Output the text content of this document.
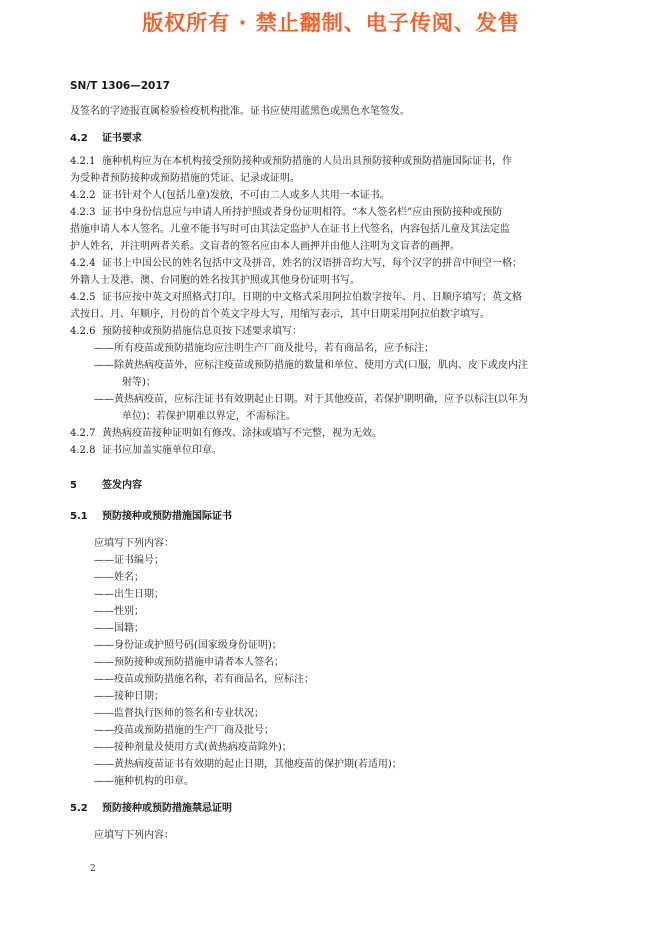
版权所有 · 禁止翻制、电子传阅、发售
SN/T 1306—2017

及签名的字迹报直属检验检疫机构批准。证书应使用蓝黑色或黑色水笔签发。

4.2 证书要求

4.2.1 施种机构应为在本机构接受预防接种或预防措施的人员出具预防接种或预防措施国际证书，作

为受种者预防接种或预防措施的凭证、记录或证明。

4.2.2 证书针对个人(包括儿童)发放，不可由二人或多人共用一本证书。

4.2.3 证书中身份信息应与申请人所持护照或者身份证明相符。“本人签名栏”应由预防接种或预防

措施申请人本人签名。儿童不能书写时可由其法定监护人在证书上代签名，内容包括儿童及其法定监

护人姓名，并注明两者关系。文盲者的签名应由本人画押并由他人注明为文盲者的画押。

4.2.4 证书上中国公民的姓名包括中文及拼音，姓名的汉语拼音均大写，每个汉字的拼音中间空一格；

外籍人士及港、澳、台同胞的姓名按其护照或其他身份证明书写。

4.2.5 证书应按中英文对照格式打印。日期的中文格式采用阿拉伯数字按年、月、日顺序填写；英文格

式按日、月、年顺序，月份的首个英文字母大写，用缩写表示，其中日期采用阿拉伯数字填写。

4.2.6 预防接种或预防措施信息页按下述要求填写：

——所有疫苗或预防措施均应注明生产厂商及批号，若有商品名，应予标注；

——除黄热病疫苗外，应标注疫苗或预防措施的数量和单位、使用方式(口服，肌肉、皮下或皮内注

射等)；

——黄热病疫苗，应标注证书有效期起止日期。对于其他疫苗，若保护期明确，应予以标注(以年为

单位)；若保护期难以界定，不需标注。

4.2.7 黄热病疫苗接种证明如有修改、涂抹或填写不完整，视为无效。

4.2.8 证书应加盖实施单位印章。

5	签发内容

5.1 预防接种或预防措施国际证书

应填写下列内容：

——证书编号；

——姓名；

——出生日期；

——性别；

——国籍；

——身份证或护照号码(国家级身份证明)；

——预防接种或预防措施申请者本人签名；

——疫苗或预防措施名称，若有商品名，应标注；

——接种日期；

——监督执行医师的签名和专业状况；

——疫苗或预防措施的生产厂商及批号；

——接种剂量及使用方式(黄热病疫苗除外)；

——黄热病疫苗证书有效期的起止日期，其他疫苗的保护期(若适用)；

——施种机构的印章。

5.2 预防接种或预防措施禁忌证明

应填写下列内容：

2
